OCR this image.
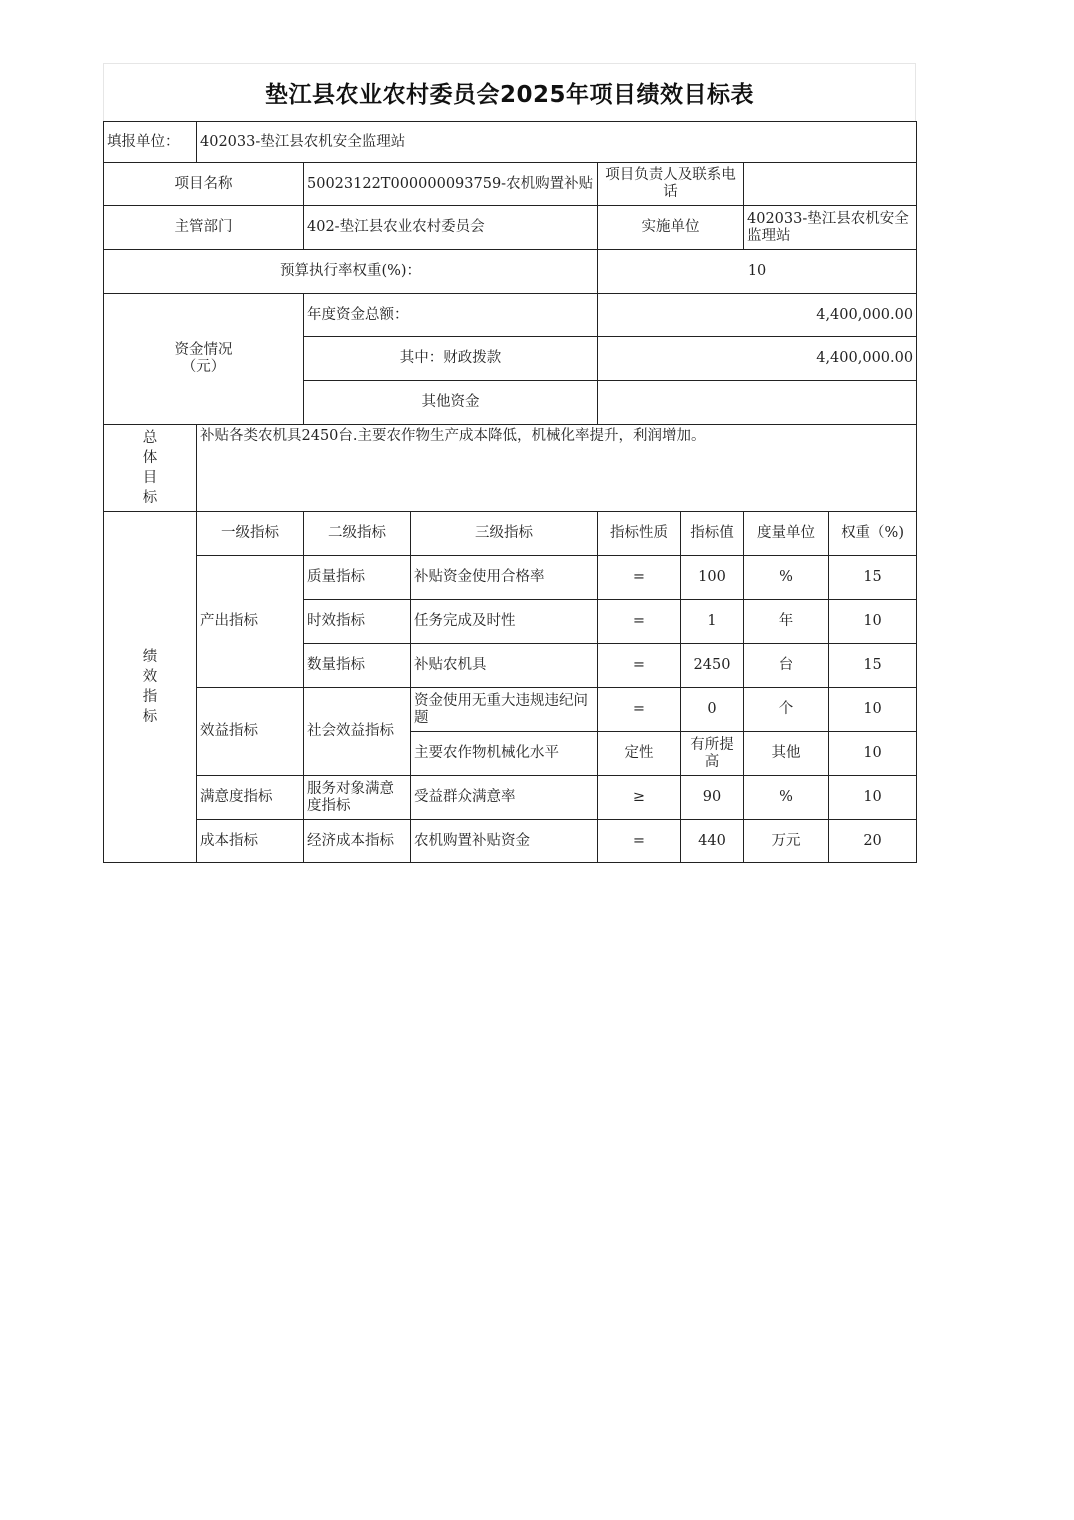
垫江县农业农村委员会2025年项目绩效目标表
填报单位：	402033-垫江县农机安全监理站						
项目名称		50023122T000000093759-农机购置补贴		项目负责人及联系电话			
主管部门		402-垫江县农业农村委员会		实施单位		402033-垫江县农机安全监理站	
预算执行率权重(%)：				10			

资金情况
（元）		年度资金总额：		4,400,000.00			
		其中：财政拨款		4,400,000.00			
		其他资金					

总
体
目
标	补贴各类农机具2450台.主要农作物生产成本降低，机械化率提升，利润增加。						

绩
效
指
标	一级指标	二级指标	三级指标	指标性质	指标值	度量单位	权重（%)
	产出指标	质量指标	补贴资金使用合格率	=	100	%	15
		时效指标	任务完成及时性	=	1	年	10
		数量指标	补贴农机具	=	2450	台	15
	效益指标	社会效益指标	资金使用无重大违规违纪问题	=	0	个	10
			主要农作物机械化水平	定性	有所提高	其他	10
	满意度指标	服务对象满意度指标	受益群众满意率	≥	90	%	10
	成本指标	经济成本指标	农机购置补贴资金	=	440	万元	20
